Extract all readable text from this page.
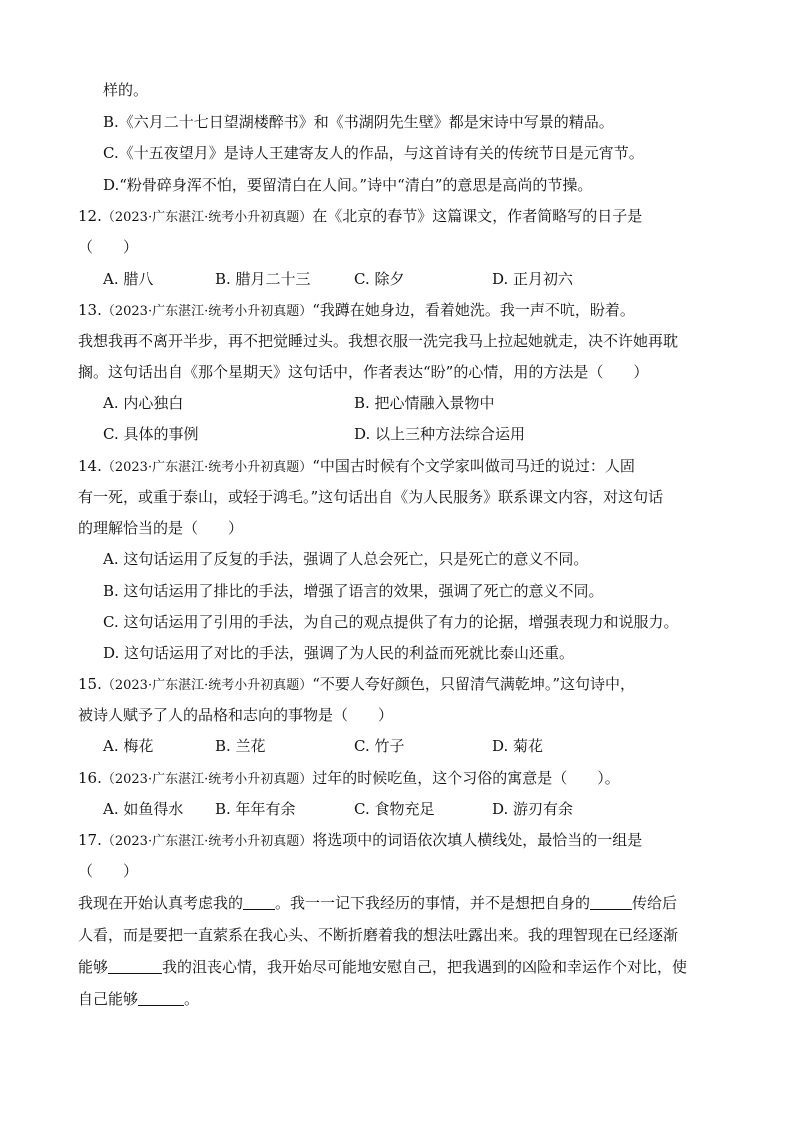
样的。
B.《六月二十七日望湖楼醉书》和《书湖阴先生壁》都是宋诗中写景的精品。
C.《十五夜望月》是诗人王建寄友人的作品，与这首诗有关的传统节日是元宵节。
D.“粉骨碎身浑不怕，要留清白在人间。”诗中“清白”的意思是高尚的节操。
12.（2023·广东湛江·统考小升初真题）在《北京的春节》这篇课文，作者简略写的日子是
（　　）
A. 腊八	B. 腊月二十三	C. 除夕	D. 正月初六
13.（2023·广东湛江·统考小升初真题）“我蹲在她身边，看着她洗。我一声不吭，盼着。
我想我再不离开半步，再不把觉睡过头。我想衣服一洗完我马上拉起她就走，决不许她再耽
搁。这句话出自《那个星期天》这句话中，作者表达“盼”的心情，用的方法是（　　）
A. 内心独白	B. 把心情融入景物中
C. 具体的事例	D. 以上三种方法综合运用
14.（2023·广东湛江·统考小升初真题）“中国古时候有个文学家叫做司马迁的说过：人固
有一死，或重于泰山，或轻于鸿毛。”这句话出自《为人民服务》联系课文内容，对这句话
的理解恰当的是（　　）
A. 这句话运用了反复的手法，强调了人总会死亡，只是死亡的意义不同。
B. 这句话运用了排比的手法，增强了语言的效果，强调了死亡的意义不同。
C. 这句话运用了引用的手法，为自己的观点提供了有力的论据，增强表现力和说服力。
D. 这句话运用了对比的手法，强调了为人民的利益而死就比泰山还重。
15.（2023·广东湛江·统考小升初真题）“不要人夸好颜色，只留清气满乾坤。”这句诗中，
被诗人赋予了人的品格和志向的事物是（　　）
A. 梅花	B. 兰花	C. 竹子	D. 菊花
16.（2023·广东湛江·统考小升初真题）过年的时候吃鱼，这个习俗的寓意是（　　）。
A. 如鱼得水 B. 年年有余	C. 食物充足	D. 游刃有余
17.（2023·广东湛江·统考小升初真题）将选项中的词语依次填人横线处，最恰当的一组是
（　　）
我现在开始认真考虑我的 。我一一记下我经历的事情，并不是想把自身的	传给后
人看，而是要把一直萦系在我心头、不断折磨着我的想法吐露出来。我的理智现在已经逐渐
能够	我的沮丧心情，我开始尽可能地安慰自己，把我遇到的凶险和幸运作个对比，使
自己能够	。
